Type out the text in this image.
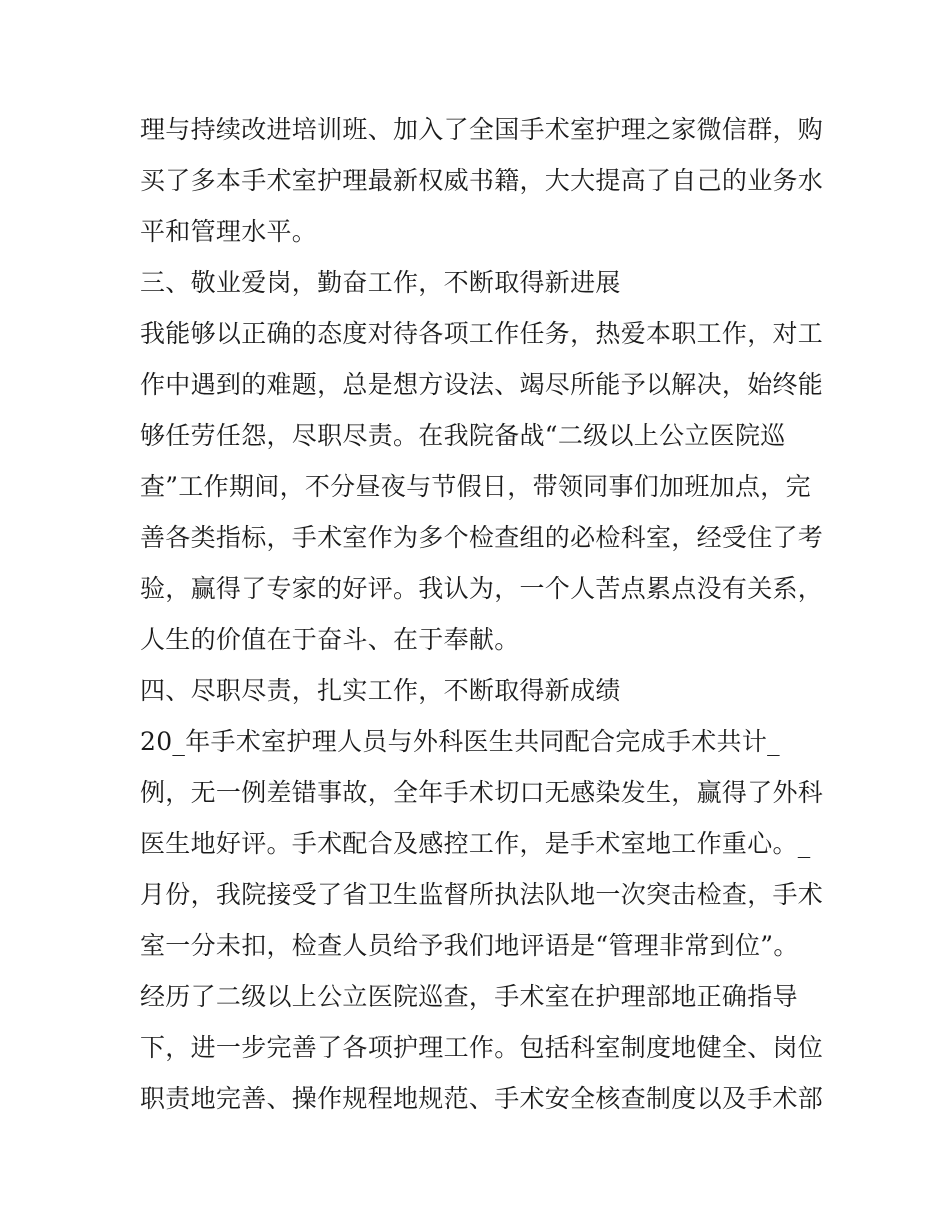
理与持续改进培训班、加入了全国手术室护理之家微信群，购
买了多本手术室护理最新权威书籍，大大提高了自己的业务水
平和管理水平。
三、敬业爱岗，勤奋工作，不断取得新进展
我能够以正确的态度对待各项工作任务，热爱本职工作，对工
作中遇到的难题，总是想方设法、竭尽所能予以解决，始终能
够任劳任怨，尽职尽责。在我院备战“二级以上公立医院巡
查”工作期间，不分昼夜与节假日，带领同事们加班加点，完
善各类指标，手术室作为多个检查组的必检科室，经受住了考
验，赢得了专家的好评。我认为，一个人苦点累点没有关系，
人生的价值在于奋斗、在于奉献。
四、尽职尽责，扎实工作，不断取得新成绩
20_年手术室护理人员与外科医生共同配合完成手术共计_
例，无一例差错事故，全年手术切口无感染发生，赢得了外科
医生地好评。手术配合及感控工作，是手术室地工作重心。_
月份，我院接受了省卫生监督所执法队地一次突击检查，手术
室一分未扣，检查人员给予我们地评语是“管理非常到位”。
经历了二级以上公立医院巡查，手术室在护理部地正确指导
下，进一步完善了各项护理工作。包括科室制度地健全、岗位
职责地完善、操作规程地规范、手术安全核查制度以及手术部
